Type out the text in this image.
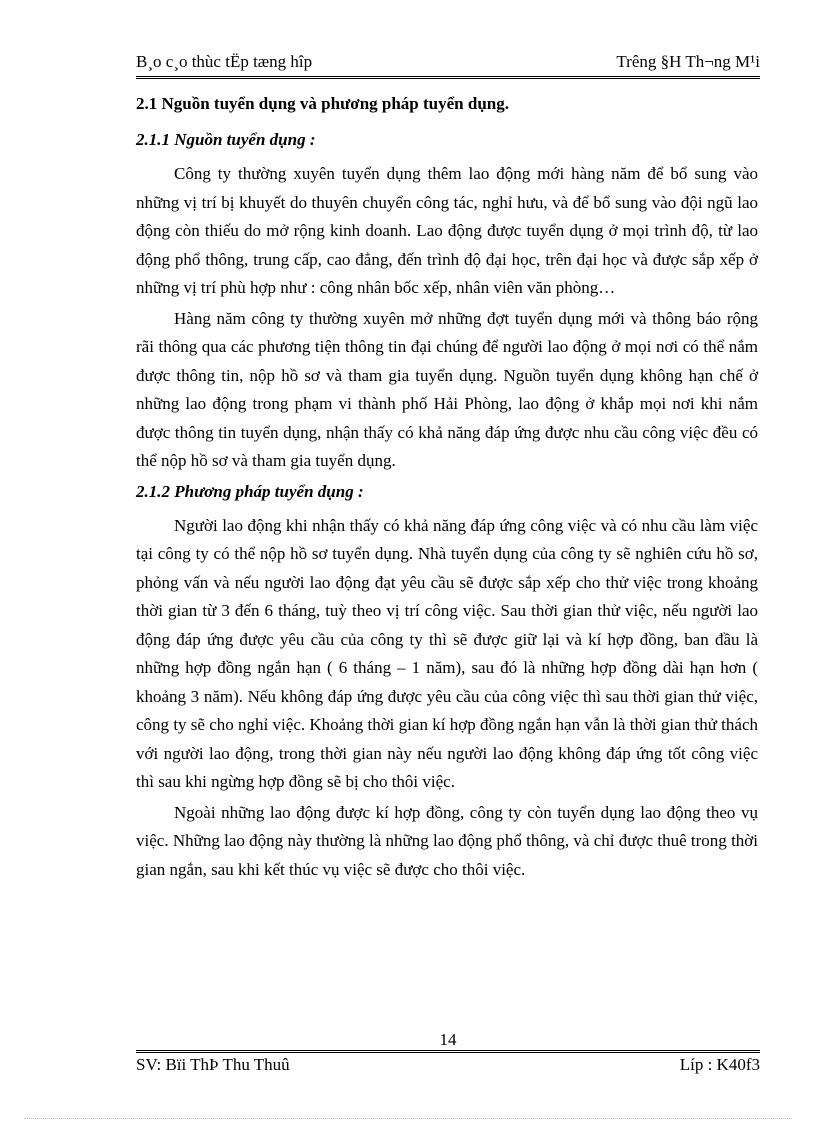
B¸o c¸o thùc tËp tæng hîp	Trêng §H Th¬ng M¹i
2.1 Nguồn tuyển dụng và phương pháp tuyển dụng.
2.1.1 Nguồn tuyển dụng :

Công ty thường xuyên tuyển dụng thêm lao động mới hàng năm để bổ sung vào những vị trí bị khuyết do thuyên chuyển công tác, nghỉ hưu, và để bổ sung vào đội ngũ lao động còn thiếu do mở rộng kinh doanh. Lao động được tuyển dụng ở mọi trình độ, từ lao động phổ thông, trung cấp, cao đẳng, đến trình độ đại học, trên đại học và được sắp xếp ở những vị trí phù hợp như : công nhân bốc xếp, nhân viên văn phòng…

Hàng năm công ty thường xuyên mở những đợt tuyển dụng mới và thông báo rộng rãi thông qua các phương tiện thông tin đại chúng để người lao động ở mọi nơi có thể nắm được thông tin, nộp hồ sơ và tham gia tuyển dụng. Nguồn tuyển dụng không hạn chế ở những lao động trong phạm vi thành phố Hải Phòng, lao động ở khắp mọi nơi khi nắm được thông tin tuyển dụng, nhận thấy có khả năng đáp ứng được nhu cầu công việc đều có thể nộp hồ sơ và tham gia tuyển dụng.

2.1.2 Phương pháp tuyển dụng :

Người lao động khi nhận thấy có khả năng đáp ứng công việc và có nhu cầu làm việc tại công ty có thể nộp hồ sơ tuyển dụng. Nhà tuyển dụng của công ty sẽ nghiên cứu hồ sơ, phỏng vấn và nếu người lao động đạt yêu cầu sẽ được sắp xếp cho thử việc trong khoảng thời gian từ 3 đến 6 tháng, tuỳ theo vị trí công việc. Sau thời gian thử việc, nếu người lao động đáp ứng được yêu cầu của công ty thì sẽ được giữ lại và kí hợp đồng, ban đầu là những hợp đồng ngắn hạn ( 6 tháng – 1 năm), sau đó là những hợp đồng dài hạn hơn ( khoảng 3 năm). Nếu không đáp ứng được yêu cầu của công việc thì sau thời gian thử việc, công ty sẽ cho nghỉ việc. Khoảng thời gian kí hợp đồng ngắn hạn vẫn là thời gian thử thách với người lao động, trong thời gian này nếu người lao động không đáp ứng tốt công việc thì sau khi ngừng hợp đồng sẽ bị cho thôi việc.

Ngoài những lao động được kí hợp đồng, công ty còn tuyển dụng lao động theo vụ việc. Những lao động này thường là những lao động phổ thông, và chỉ được thuê trong thời gian ngắn, sau khi kết thúc vụ việc sẽ được cho thôi việc.

14
SV: Bïi ThÞ Thu Thuû	Líp : K40f3
